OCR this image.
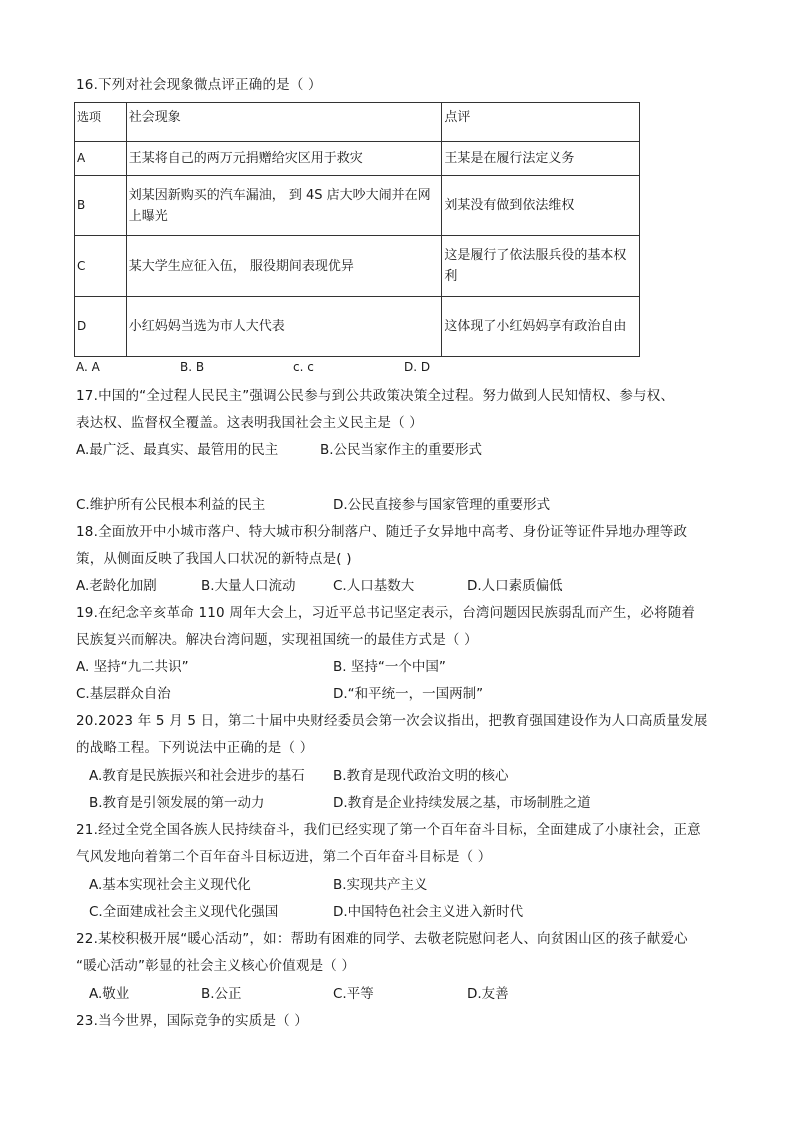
16.下列对社会现象微点评正确的是（ ）
选项	社会现象	点评
A	王某将自己的两万元捐赠给灾区用于救灾	王某是在履行法定义务
B	刘某因新购买的汽车漏油， 到 4S 店大吵大闹并在网上曝光	刘某没有做到依法维权
C	某大学生应征入伍， 服役期间表现优异	这是履行了依法服兵役的基本权利
D	小红妈妈当选为市人大代表	这体现了小红妈妈享有政治自由
A. A	B. B	c. c	D. D
17.中国的“全过程人民民主”强调公民参与到公共政策决策全过程。努力做到人民知情权、参与权、
表达权、监督权全覆盖。这表明我国社会主义民主是（ ）
A.最广泛、最真实、最管用的民主	B.公民当家作主的重要形式
C.维护所有公民根本利益的民主	D.公民直接参与国家管理的重要形式
18.全面放开中小城市落户、特大城市积分制落户、随迁子女异地中高考、身份证等证件异地办理等政
策，从侧面反映了我国人口状况的新特点是( )
A.老龄化加剧	B.大量人口流动	C.人口基数大	D.人口素质偏低
19.在纪念辛亥革命 110 周年大会上，习近平总书记坚定表示，台湾问题因民族弱乱而产生，必将随着
民族复兴而解决。解决台湾问题，实现祖国统一的最佳方式是（ ）
A. 坚持“九二共识”	B. 坚持“一个中国”
C.基层群众自治	D.“和平统一，一国两制”
20.2023 年 5 月 5 日，第二十届中央财经委员会第一次会议指出，把教育强国建设作为人口高质量发展
的战略工程。下列说法中正确的是（ ）
A.教育是民族振兴和社会进步的基石 B.教育是现代政治文明的核心
B.教育是引领发展的第一动力	D.教育是企业持续发展之基，市场制胜之道
21.经过全党全国各族人民持续奋斗，我们已经实现了第一个百年奋斗目标，全面建成了小康社会，正意
气风发地向着第二个百年奋斗目标迈进，第二个百年奋斗目标是（ ）
A.基本实现社会主义现代化	B.实现共产主义
C.全面建成社会主义现代化强国	D.中国特色社会主义进入新时代
22.某校积极开展“暖心活动”，如：帮助有困难的同学、去敬老院慰问老人、向贫困山区的孩子献爱心
“暖心活动”彰显的社会主义核心价值观是（ ）
A.敬业	B.公正	C.平等	D.友善
23.当今世界，国际竞争的实质是（ ）
